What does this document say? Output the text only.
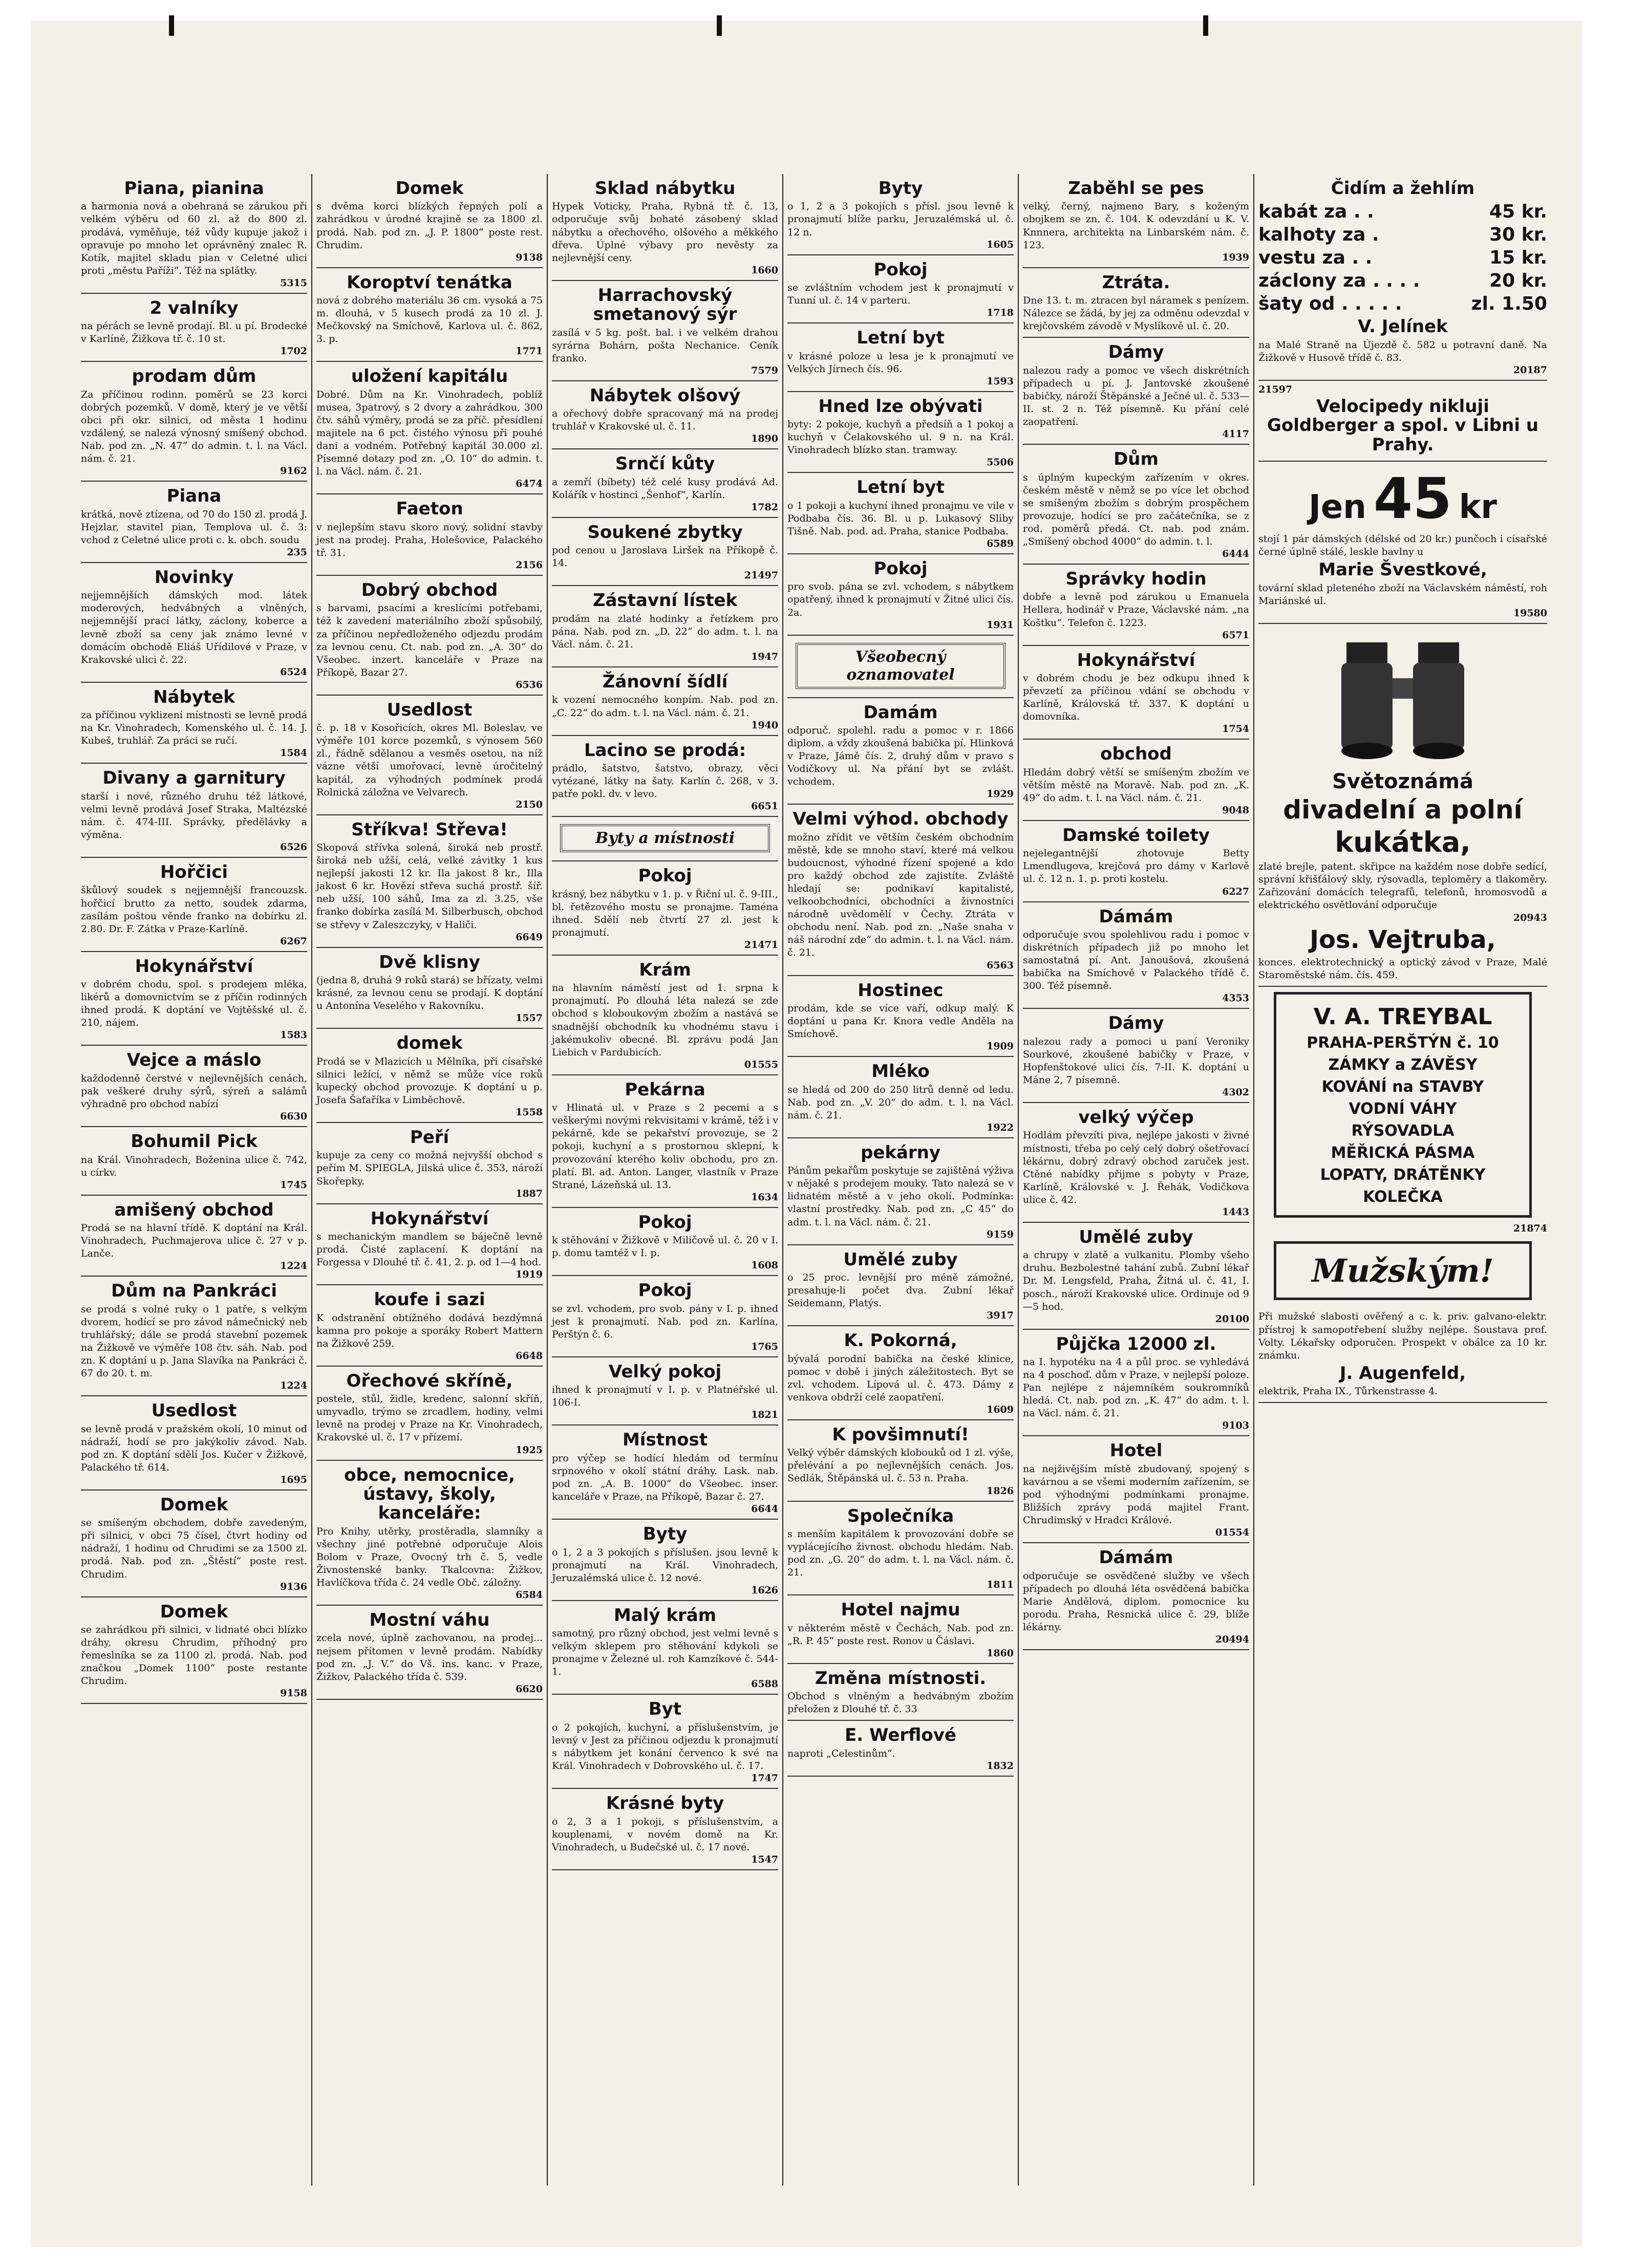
Piana, pianina
a harmonia nová a obehraná se zárukou při velkém výběru od 60 zl. až do 800 zl. prodává, vyměňuje, též vůdy kupuje jakož i opravuje po mnoho let oprávněný znalec R. Kotík, majitel skladu pian v Celetné ulici proti „městu Paříži“. Též na splátky.
5315
2 valníky
na pérách se levně prodají. Bl. u pí. Brodecké v Karlíně, Žižkova tř. č. 10 st.
1702
prodam dům
Za příčinou rodinn. poměrů se 23 korci dobrých pozemků. V domě, který je ve větší obci při okr. silnici, od města 1 hodinu vzdálený, se nalezá výnosný smíšený obchod. Nab. pod zn. „N. 47“ do admin. t. l. na Václ. nám. č. 21.
9162
Piana
krátká, nově ztízena, od 70 do 150 zl. prodá J. Hejzlar, stavitel pian, Templova ul. č. 3: vchod z Celetné ulice proti c. k. obch. soudu
235
Novinky
nejjemnějších dámských mod. látek moderových, hedvábných a vlněných, nejjemnější prací látky, záclony, koberce a levně zboží sa ceny jak známo levné v domácím obchodě Eliáš Uřídilové v Praze, v Krakovské ulici č. 22.
6524
Nábytek
za příčinou vyklizení místnosti se levně prodá na Kr. Vinohradech, Komenského ul. č. 14. J. Kubeš, truhlář. Za práci se ručí.
1584
Divany a garnitury
starší i nové, různého druhu též látkové, velmi levně prodává Josef Straka, Maltézské nám. č. 474-III. Správky, předělávky a výměna.
6526
Hořčici
škůlový soudek s nejjemnější francouzsk. hořčicí brutto za netto, soudek zdarma, zasílám poštou věnde franko na dobírku zl. 2.80. Dr. F. Zátka v Praze-Karlíně.
6267
Hokynářství
v dobrém chodu, spol. s prodejem mléka, likérů a domovnictvím se z příčin rodinných ihned prodá. K doptání ve Vojtěšské ul. č. 210, nájem.
1583
Vejce a máslo
každodenně čerstvé v nejlevnějších cenách, pak veškeré druhy sýrů, sýreň a salámů výhradně pro obchod nabízí
6630
Bohumil Pick
na Král. Vinohradech, Boženina ulice č. 742, u církv.
1745
amišený obchod
Prodá se na hlavní třídě. K doptání na Král. Vinohradech, Puchmajerova ulice č. 27 v p. Lanče.
1224
Dům na Pankráci
se prodá s volné ruky o 1 patře, s velkým dvorem, hodící se pro závod námečnický neb truhlářský; dále se prodá stavební pozemek na Žižkově ve výměře 108 čtv. sáh. Nab. pod zn. K doptání u p. Jana Slavíka na Pankráci č. 67 do 20. t. m.
1224
Usedlost
se levně prodá v pražském okolí, 10 minut od nádraží, hodí se pro jakýkoliv závod. Nab. pod zn. K doptání sdělí Jos. Kučer v Žižkově, Palackého tř. 614.
1695
Domek
se smíšeným obchodem, dobře zavedeným, při silnici, v obci 75 čísel, čtvrt hodiny od nádraží, 1 hodinu od Chrudimi se za 1500 zl. prodá. Nab. pod zn. „Štěstí“ poste rest. Chrudim.
9136
Domek
se zahrádkou při silnici, v lidnaté obci blízko dráhy, okresu Chrudim, příhodný pro řemeslníka se za 1100 zl. prodá. Nab. pod značkou „Domek 1100“ poste restante Chrudim.
9158
Domek
s dvěma korci blízkých řepných polí a zahrádkou v úrodné krajině se za 1800 zl. prodá. Nab. pod zn. „J. P. 1800“ poste rest. Chrudim.
9138
Koroptví tenátka
nová z dobrého materiálu 36 cm. vysoká a 75 m. dlouhá, v 5 kusech prodá za 10 zl. J. Mečkovský na Smíchově, Karlova ul. č. 862, 3. p.
1771
uložení kapitálu
Dobré. Dům na Kr. Vinohradech, poblíž musea, 3patrový, s 2 dvory a zahrádkou, 300 čtv. sáhů výměry, prodá se za příč. přesídlení majitele na 6 pct. čistého výnosu při pouhé dani a vodném. Potřebný kapitál 30.000 zl. Písemné dotazy pod zn. „O. 10“ do admin. t. l. na Václ. nám. č. 21.
6474
Faeton
v nejlepším stavu skoro nový, solidní stavby jest na prodej. Praha, Holešovice, Palackého tř. 31.
2156
Dobrý obchod
s barvami, psacími a kreslícími potřebami, též k zavedení materiálního zboží spůsobilý, za příčinou nepředloženého odjezdu prodám za levnou cenu. Ct. nab. pod zn. „A. 30“ do Všeobec. inzert. kanceláře v Praze na Příkopě, Bazar 27.
6536
Usedlost
č. p. 18 v Kosořicích, okres Ml. Boleslav, ve výměře 101 korce pozemků, s výnosem 560 zl., řádně sdělanou a vesměs osetou, na níž vázne větší umořovací, levně úročitelný kapitál, za výhodných podmínek prodá Rolnická záložna ve Velvarech.
2150
Stříkva! Střeva!
Skopová střívka solená, široká neb prostř. široká neb užší, celá, velké závitky 1 kus nejlepší jakosti 12 kr. Ila jakost 8 kr., Illa jakost 6 kr. Hovězí střeva suchá prostř. šíř. neb užší, 100 sáhů, Ima za zl. 3.25, vše franko dobírka zasílá M. Silberbusch, obchod se střevy v Zaleszczyky, v Haliči.
6649
Dvě klisny
(jedna 8, druhá 9 roků stará) se břízaty, velmi krásné, za levnou cenu se prodají. K doptání u Antonína Veselého v Rakovníku.
1557
domek
Prodá se v Mlazicích u Mělníka, při císařské silnici ležící, v němž se může více roků kupecký obchod provozuje. K doptání u p. Josefa Šafaříka v Limběchově.
1558
Peří
kupuje za ceny co možná nejvyšší obchod s peřím M. SPIEGLA, Jilská ulice č. 353, nároží Skořepky.
1887
Hokynářství
s mechanickým mandlem se báječně levně prodá. Čisté zaplacení. K doptání na Forgessa v Dlouhé tř. č. 41, 2. p. od 1—4 hod.
1919
koufe i sazi
K odstranění obtížného dodává bezdýmná kamna pro pokoje a sporáky Robert Mattern na Žižkově 259.
6648
Ořechové skříně,
postele, stůl, židle, kredenc, salonní skříň, umyvadlo, trýmo se zrcadlem, hodiny, velmi levně na prodej v Praze na Kr. Vinohradech, Krakovské ul. č. 17 v přízemí.
1925
obce, nemocnice, ústavy, školy, kanceláře:
Pro Knihy, utěrky, prostěradla, slamníky a všechny jiné potřebné odporučuje Alois Bolom v Praze, Ovocný trh č. 5, vedle Živnostenské banky. Tkalcovna: Žižkov, Havlíčkova třída č. 24 vedle Obč. záložny.
6584
Mostní váhu
zcela nové, úplně zachovanou, na prodej... nejsem přítomen v levně prodám. Nabídky pod zn. „J. V.“ do Vš. ins. kanc. v Praze, Žižkov, Palackého třída č. 539.
6620
Sklad nábytku
Hypek Voticky, Praha, Rybná tř. č. 13, odporučuje svůj bohaté zásobený sklad nábytku a ořechového, olšového a měkkého dřeva. Úplné výbavy pro nevěsty za nejlevnější ceny.
1660
Harrachovský smetanový sýr
zasílá v 5 kg. pošt. bal. i ve velkém drahou syrárna Bohárn, pošta Nechanice. Ceník franko.
7579
Nábytek olšový
a ořechový dobře spracovaný má na prodej truhlář v Krakovské ul. č. 11.
1890
Srnčí kůty
a zemří (bíbety) též celé kusy prodává Ad. Kolářík v hostinci „Šenhof“, Karlín.
1782
Soukené zbytky
pod cenou u Jaroslava Liršek na Příkopě č. 14.
21497
Zástavní lístek
prodám na zlaté hodinky a řetízkem pro pána. Nab. pod zn. „D. 22“ do adm. t. l. na Václ. nám. č. 21.
1947
Žánovní šídlí
k vození nemocného konpím. Nab. pod zn. „C. 22“ do adm. t. l. na Václ. nám. č. 21.
1940
Lacino se prodá:
prádlo, šatstvo, šatstvo, obrazy, věci vytézané, látky na šaty. Karlín č. 268, v 3. patře pokl. dv. v levo.
6651
Byty a místnosti
Pokoj
krásný, bez nábytku v 1. p. v Řiční ul. č. 9-III., bl. řetězového mostu se pronajme. Taména ihned. Sdělí neb čtvrtí 27 zl. jest k pronajmutí.
21471
Krám
na hlavním náměstí jest od 1. srpna k pronajmutí. Po dlouhá léta nalezá se zde obchod s kloboukovým zbožím a nastává se snadnější obchodník ku vhodnému stavu i jakémukoliv obecné. Bl. zprávu podá Jan Liebich v Pardubicích.
01555
Pekárna
v Hlinatá ul. v Praze s 2 pecemi a s veškerými novými rekvisitami v krámě, též i v pekárně, kde se pekařství provozuje, se 2 pokoji, kuchyní a s prostornou sklepní, k provozování kterého koliv obchodu, pro zn. platí. Bl. ad. Anton. Langer, vlastník v Praze Strané, Lázeňská ul. 13.
1634
Pokoj
k stěhování v Žižkově v Miličově ul. č. 20 v I. p. domu tamtéž v I. p.
1608
Pokoj
se zvl. vchodem, pro svob. pány v I. p. ihned jest k pronajmutí. Nab. pod zn. Karlína, Perštýn č. 6.
1765
Velký pokoj
ihned k pronajmutí v I. p. v Platnéřské ul. 106-I.
1821
Místnost
pro výčep se hodící hledám od termínu srpnového v okolí státní dráhy. Lask. nab. pod zn. „A. B. 1000“ do Všeobec. inser. kanceláře v Praze, na Příkopě, Bazar č. 27.
6644
Byty
o 1, 2 a 3 pokojích s příslušen. jsou levně k pronajmutí na Král. Vinohradech, Jeruzalémská ulice č. 12 nové.
1626
Malý krám
samotný, pro různý obchod, jest velmi levně s velkým sklepem pro stěhování kdykoli se pronajme v Železné ul. roh Kamzíkové č. 544-1.
6588
Byt
o 2 pokojích, kuchyní, a příslušenstvím, je levný v Jest za příčinou odjezdu k pronajmutí s nábytkem jet konání červenco k své na Král. Vinohradech v Dobrovského ul. č. 17.
1747
Krásné byty
o 2, 3 a 1 pokoji, s příslušenstvím, a kouplenami, v novém domě na Kr. Vinohradech, u Budečské ul. č. 17 nové.
1547
Byty
o 1, 2 a 3 pokojích s přísl. jsou levně k pronajmutí blíže parku, Jeruzalémská ul. č. 12 n.
1605
Pokoj
se zvláštním vchodem jest k pronajmutí v Tunní ul. č. 14 v parteru.
1718
Letní byt
v krásné poloze u lesa je k pronajmutí ve Velkých Jírnech čís. 96.
1593
Hned lze obývati
byty: 2 pokoje, kuchyň a předsíň a 1 pokoj a kuchyň v Čelakovského ul. 9 n. na Král. Vinohradech blízko stan. tramway.
5506
Letní byt
o 1 pokoji a kuchyní ihned pronajmu ve vile v Podbaba čís. 36. Bl. u p. Lukasový Sliby Tišně. Nab. pod. ad. Praha, stanice Podbaba.
6589
Pokoj
pro svob. pána se zvl. vchodem, s nábytkem opatřený, ihned k pronajmutí v Žitné ulici čís. 2a.
1931
Všeobecný oznamovatel
Damám
odporuč. spolehl. radu a pomoc v r. 1866 diplom. a vždy zkoušená babička pí. Hlinková v Praze, Jámě čís. 2, druhý dům v pravo s Vodičkovy ul. Na přání byt se zvlášt. vchodem.
1929
Velmi výhod. obchody
možno zřídit ve větším českém obchodním městě, kde se mnoho staví, které má velkou budoucnost, výhodné řízení spojené a kdo pro každý obchod zde zajistíte. Zvláště hledají se: podnikaví kapitalisté, velkoobchodníci, obchodníci a živnostníci národně uvědomělí v Čechy. Ztráta v obchodu není. Nab. pod zn. „Naše snaha v náš národní zde“ do admin. t. l. na Václ. nám. č. 21.
6563
Hostinec
prodám, kde se více vaří, odkup malý. K doptání u pana Kr. Knora vedle Anděla na Smíchově.
1909
Mléko
se hledá od 200 do 250 litrů denně od ledu. Nab. pod zn. „V. 20“ do adm. t. l. na Václ. nám. č. 21.
1922
pekárny
Pánům pekařům poskytuje se zajištěná výživa v nějaké s prodejem mouky. Tato nalezá se v lidnatém městě a v jeho okolí. Podmínka: vlastní prostředky. Nab. pod zn. „C 45“ do adm. t. l. na Václ. nám. č. 21.
9159
Umělé zuby
o 25 proc. levnější pro méně zámožné, presahuje-li počet dva. Zubní lékař Seidemann, Platýs.
3917
K. Pokorná,
bývalá porodní babička na české klinice, pomoc v době i jiných záležitostech. Byt se zvl. vchodem. Lípová ul. č. 473. Dámy z venkova obdrží celé zaopatření.
1609
K povšimnutí!
Velký výběr dámských klobouků od 1 zl. výše, přelévání a po nejlevnějších cenách. Jos. Sedlák, Štěpánská ul. č. 53 n. Praha.
1826
Společníka
s menším kapitálem k provozování dobře se vyplácejícího živnost. obchodu hledám. Nab. pod zn. „G. 20“ do adm. t. l. na Václ. nám. č. 21.
1811
Hotel najmu
v některém městě v Čechách, Nab. pod zn. „R. P. 45“ poste rest. Ronov u Čáslavi.
1860
Změna místnosti.
Obchod s vlněným a hedvábným zbožím přeložen z Dlouhé tř. č. 33
E. Werflové
naproti „Celestinům“.
1832
Zaběhl se pes
velký, černý, najmeno Bary, s koženým obojkem se zn. č. 104. K odevzdání u K. V. Knnnera, architekta na Linbarském nám. č. 123.
1939
Ztráta.
Dne 13. t. m. ztracen byl náramek s penízem. Nálezce se žádá, by jej za odměnu odevzdal v krejčovském závodě v Myslíkově ul. č. 20.
Dámy
nalezou rady a pomoc ve všech diskrétních případech u pí. J. Jantovské zkoušené babičky, nároží Štěpánské a Ječné ul. č. 533—II. st. 2 n. Též písemně. Ku přání celé zaopatření.
4117
Dům
s úplným kupeckým zařízením v okres. českém městě v němž se po více let obchod se smíšeným zbožím s dobrým prospěchem provozuje, hodící se pro začátečníka, se z rod. poměrů předá. Ct. nab. pod znám. „Smíšený obchod 4000“ do admin. t. l.
6444
Správky hodin
dobře a levně pod zárukou u Emanuela Hellera, hodinář v Praze, Václavské nám. „na Koštku“. Telefon č. 1223.
6571
Hokynářství
v dobrém chodu je bez odkupu ihned k převzetí za příčinou vdání se obchodu v Karlíně, Královská tř. 337. K doptání u domovníka.
1754
obchod
Hledám dobrý větší se smíšeným zbožím ve větším městě na Moravě. Nab. pod zn. „K. 49“ do adm. t. l. na Václ. nám. č. 21.
9048
Damské toilety
nejelegantnější zhotovuje Betty Lmendlugova, krejčová pro dámy v Karlově ul. č. 12 n. 1. p. proti kostelu.
6227
Dámám
odporučuje svou spolehlivou radu i pomoc v diskrétních případech již po mnoho let samostatná pí. Ant. Janoušová, zkoušená babička na Smíchově v Palackého třídě č. 300. Též písemně.
4353
Dámy
nalezou rady a pomoci u paní Veroniky Sourkové, zkoušené babičky v Praze, v Hopfenštokové ulici čís. 7-II. K. doptání u Máne 2, 7 písemně.
4302
velký výčep
Hodlám převzíti piva, nejlépe jakosti v živné místnosti, třeba po celý celý dobrý ošetřovací lékárnu, dobrý zdravý obchod zaruček jest. Ctěné nabídky přijme s pobyty v Praze, Karlíně, Královské v. J. Řehák, Vodičkova ulice č. 42.
1443
Umělé zuby
a chrupy v zlatě a vulkanitu. Plomby všeho druhu. Bezbolestné tahání zubů. Zubní lékař Dr. M. Lengsfeld, Praha, Žitná ul. č. 41, I. posch., nároží Krakovské ulice. Ordinuje od 9—5 hod.
20100
Půjčka 12000 zl.
na I. hypotéku na 4 a půl proc. se vyhledává na 4 poschoď. dům v Praze, v nejlepší poloze. Pan nejlépe z nájemníkém soukromníků hledá. Ct. nab. pod zn. „K. 47“ do adm. t. l. na Václ. nám. č. 21.
9103
Hotel
na nejživějším místě zbudovaný, spojený s kavárnou a se všemi moderním zařízením, se pod výhodnými podmínkami pronajme. Bližších zprávy podá majitel Frant. Chrudimský v Hradci Králové.
01554
Dámám
odporučuje se osvědčené služby ve všech případech po dlouhá léta osvědčená babička Marie Andělová, diplom. pomocnice ku porodu. Praha, Resnická ulice č. 29, blíže lékárny.
20494
Čidím a žehlím
kabát za . .	45 kr.
kalhoty za .	30 kr.
vestu za . .	15 kr.
záclony za . . . .	20 kr.
šaty od . . . . .	zl. 1.50
V. Jelínek
na Malé Straně na Újezdě č. 582 u potravní daně. Na Žižkově v Husově třídě č. 83.
20187
21597
Velocipedy nikluji Goldberger a spol. v Libni u Prahy.
Jen 45 kr
stojí 1 pár dámských (délské od 20 kr.) punčoch i císařské černé úplně stálé, leskle bavlny u
Marie Švestkové,
tovární sklad pleteného zboží na Václavském náměstí, roh Mariánské ul.
19580
Světoznámá
divadelní a polní
kukátka,
zlaté brejle, patent. skřipce na každém nose dobře sedící, správní křišťálový skly, rýsovadla, teploměry a tlakoměry. Zařizování domácích telegrafů, telefonů, hromosvodů a elektrického osvětlování odporučuje
20943
Jos. Vejtruba,
konces. elektrotechnický a optický závod v Praze, Malé Staroměstské nám. čís. 459.
V. A. TREYBAL
PRAHA-PERŠTÝN č. 10
ZÁMKY a ZÁVĚSY
KOVÁNÍ na STAVBY
VODNÍ VÁHY
RÝSOVADLA
MĚŘICKÁ PÁSMA
LOPATY, DRÁTĚNKY
KOLEČKA
21874
Mužským!
Při mužské slabosti ověřený a c. k. priv. galvano-elektr. přístroj k samopotřebení služby nejlépe. Soustava prof. Volty. Lékařsky odporučen. Prospekt v obálce za 10 kr. známku.
J. Augenfeld,
elektrik, Praha IX., Tůrkenstrasse 4.
